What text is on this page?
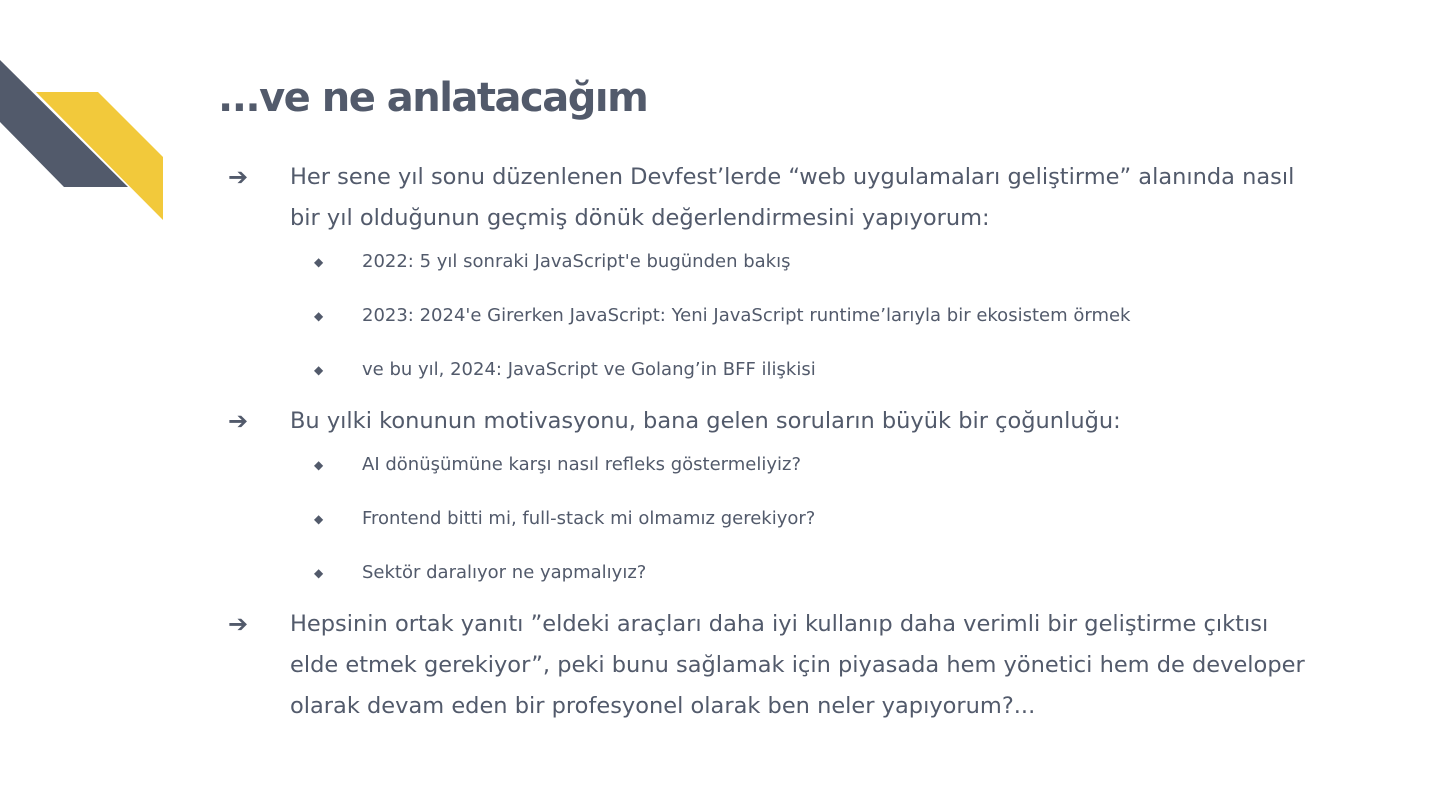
...ve ne anlatacağım
➔ Her sene yıl sonu düzenlenen Devfest’lerde “web uygulamaları geliştirme” alanında nasıl bir yıl olduğunun geçmiş dönük değerlendirmesini yapıyorum:
◆ 2022: 5 yıl sonraki JavaScript'e bugünden bakış
◆ 2023: 2024'e Girerken JavaScript: Yeni JavaScript runtime’larıyla bir ekosistem örmek
◆ ve bu yıl, 2024: JavaScript ve Golang’in BFF ilişkisi
➔ Bu yılki konunun motivasyonu, bana gelen soruların büyük bir çoğunluğu:
◆ AI dönüşümüne karşı nasıl refleks göstermeliyiz?
◆ Frontend bitti mi, full-stack mi olmamız gerekiyor?
◆ Sektör daralıyor ne yapmalıyız?
➔ Hepsinin ortak yanıtı ”eldeki araçları daha iyi kullanıp daha verimli bir geliştirme çıktısı elde etmek gerekiyor”, peki bunu sağlamak için piyasada hem yönetici hem de developer olarak devam eden bir profesyonel olarak ben neler yapıyorum?...
